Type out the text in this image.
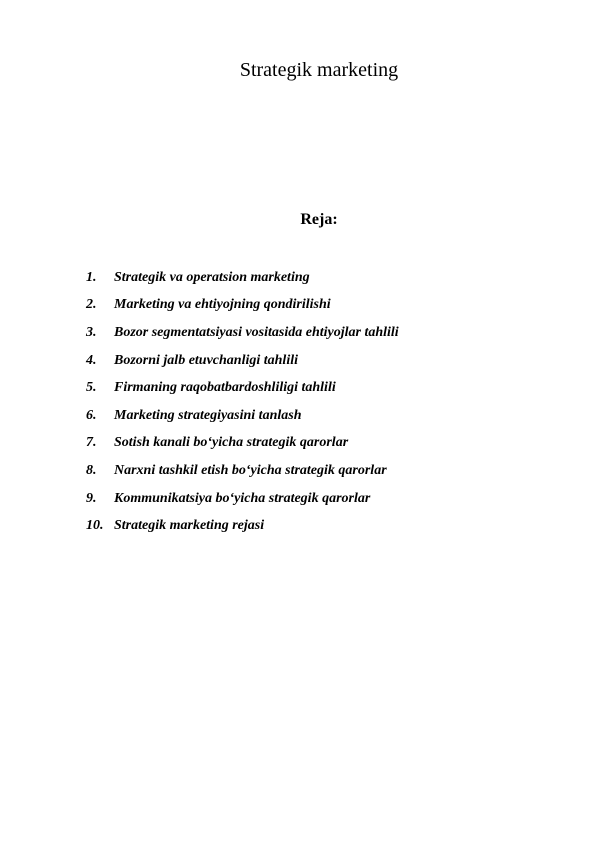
Strategik marketing
Reja:
1.	Strategik va operatsion marketing
2.	Marketing va ehtiyojning qondirilishi
3.	Bozor segmentatsiyasi vositasida ehtiyojlar tahlili
4.	Bozorni jalb etuvchanligi tahlili
5.	Firmaning raqobatbardoshliligi tahlili
6.	Marketing strategiyasini tanlash
7.	Sotish kanali bo‘yicha strategik qarorlar
8.	Narxni tashkil etish bo‘yicha strategik qarorlar
9.	Kommunikatsiya bo‘yicha strategik qarorlar
10. Strategik marketing rejasi
